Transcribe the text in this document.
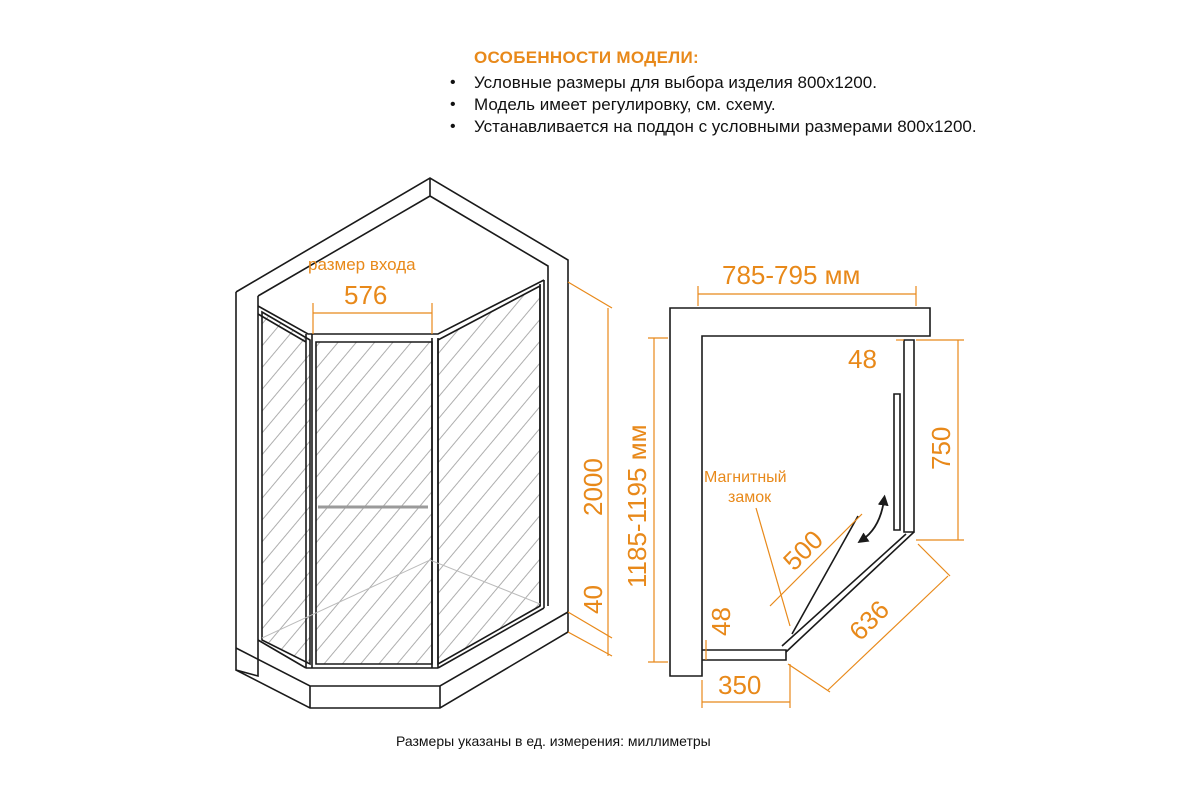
размер входа
576
2000
40
785-795 мм
1185-1195 мм
48
750
Магнитный
замок
500
636
48
350
ОСОБЕННОСТИ МОДЕЛИ:
• Условные размеры для выбора изделия 800x1200.
• Модель имеет регулировку, см. схему.
• Устанавливается на поддон с условными размерами 800x1200.
Размеры указаны в ед. измерения: миллиметры
